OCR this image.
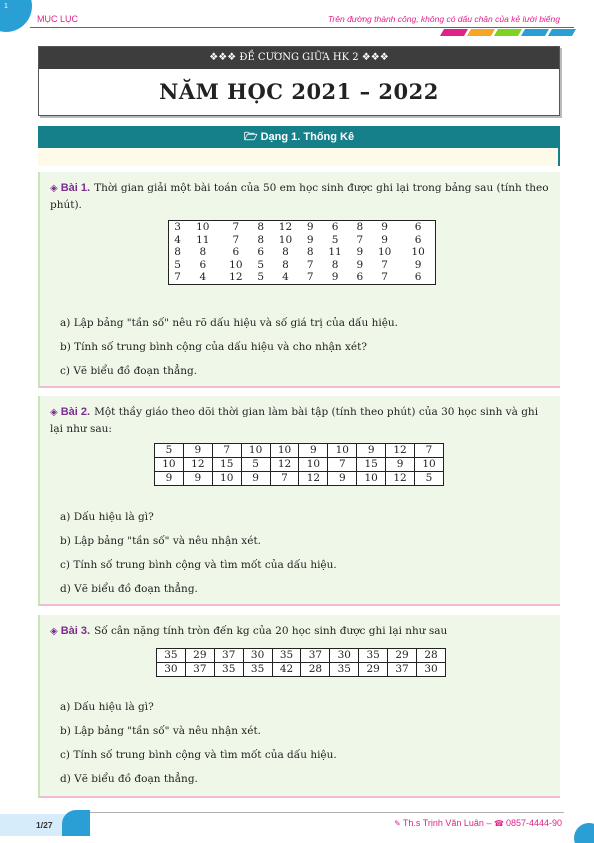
1
MỤC LỤC	Trên đường thành công, không có dấu chân của kẻ lười biếng
❖❖❖ ĐỀ CƯƠNG GIỮA HK 2 ❖❖❖
NĂM HỌC 2021 – 2022
🗁 Dạng 1. Thống Kê
◈ Bài 1. Thời gian giải một bài toán của 50 em học sinh được ghi lại trong bảng sau (tính theo phút).
3	10	7	8	12	9	6	8	9	6
4	11	7	8	10	9	5	7	9	6
8	8	6	6	8	8	11	9	10	10
5	6	10	5	8	7	8	9	7	9
7	4	12	5	4	7	9	6	7	6
a) Lập bảng "tần số" nêu rõ dấu hiệu và số giá trị của dấu hiệu.
b) Tính số trung bình cộng của dấu hiệu và cho nhận xét?
c) Vẽ biểu đồ đoạn thẳng.
◈ Bài 2. Một thầy giáo theo dõi thời gian làm bài tập (tính theo phút) của 30 học sinh và ghi lại như sau:
5	9	7	10	10	9	10	9	12	7
10	12	15	5	12	10	7	15	9	10
9	9	10	9	7	12	9	10	12	5
a) Dấu hiệu là gì?
b) Lập bảng "tần số" và nêu nhận xét.
c) Tính số trung bình cộng và tìm mốt của dấu hiệu.
d) Vẽ biểu đồ đoạn thẳng.
◈ Bài 3. Số cân nặng tính tròn đến kg của 20 học sinh được ghi lại như sau
35	29	37	30	35	37	30	35	29	28
30	37	35	35	42	28	35	29	37	30
a) Dấu hiệu là gì?
b) Lập bảng "tần số" và nêu nhận xét.
c) Tính số trung bình cộng và tìm mốt của dấu hiệu.
d) Vẽ biểu đồ đoạn thẳng.
1/27	✎ Th.s Trịnh Văn Luân – ☎ 0857-4444-90
